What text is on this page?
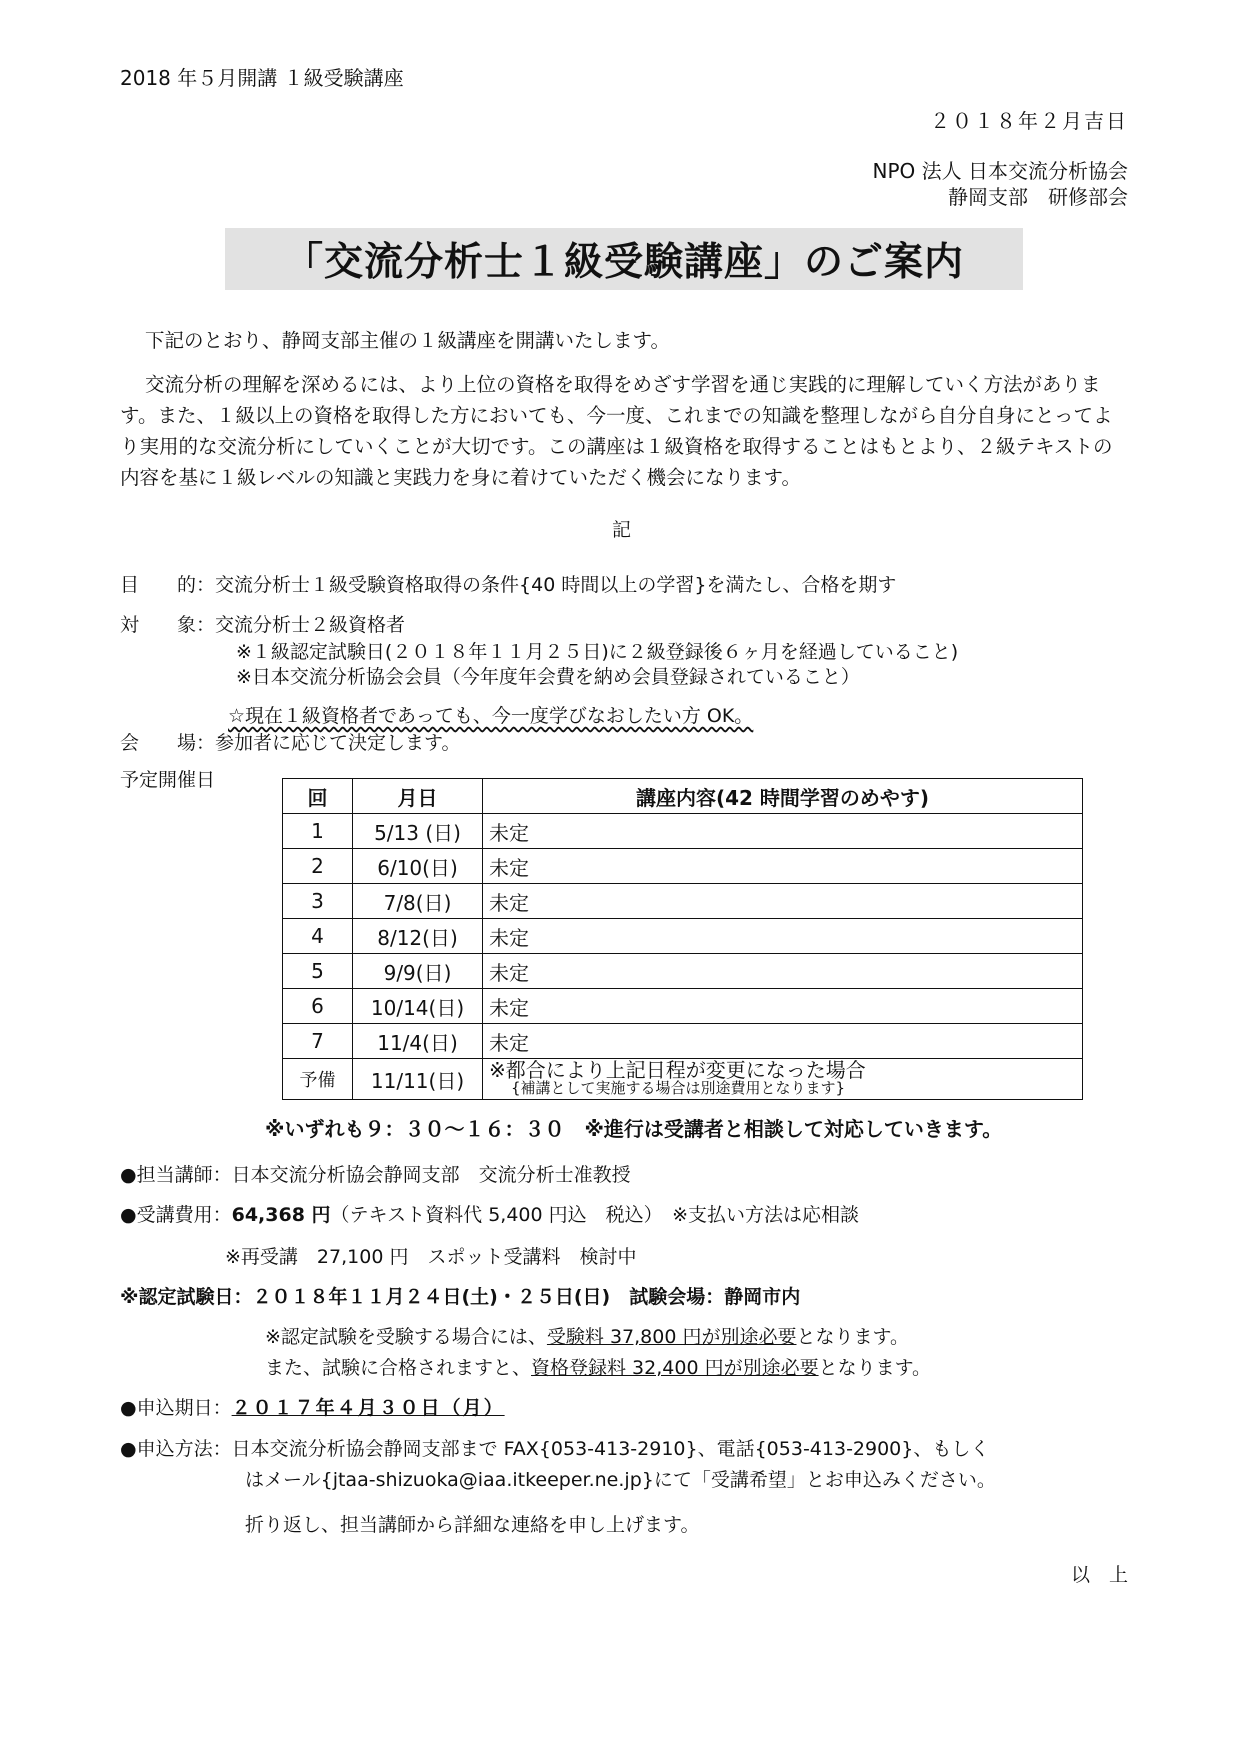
2018 年５月開講 １級受験講座
２０１８年２月吉日
NPO 法人 日本交流分析協会
静岡支部　研修部会
「交流分析士１級受験講座」のご案内
下記のとおり、静岡支部主催の１級講座を開講いたします。
交流分析の理解を深めるには、より上位の資格を取得をめざす学習を通じ実践的に理解していく方法があります。また、１級以上の資格を取得した方においても、今一度、これまでの知識を整理しながら自分自身にとってより実用的な交流分析にしていくことが大切です。この講座は１級資格を取得することはもとより、２級テキストの内容を基に１級レベルの知識と実践力を身に着けていただく機会になります。
記
目　　的：交流分析士１級受験資格取得の条件{40 時間以上の学習}を満たし、合格を期す
対　　象：交流分析士２級資格者
※１級認定試験日(２０１８年１１月２５日)に２級登録後６ヶ月を経過していること)
※日本交流分析協会会員（今年度年会費を納め会員登録されていること）
☆現在１級資格者であっても、今一度学びなおしたい方 OK。
会　　場：参加者に応じて決定します。
予定開催日
回	月日	講座内容(42 時間学習のめやす)
1	5/13 (日)	未定
2	6/10(日)	未定
3	7/8(日)	未定
4	8/12(日)	未定
5	9/9(日)	未定
6	10/14(日)	未定
7	11/4(日)	未定
予備	11/11(日)	※都合により上記日程が変更になった場合
{補講として実施する場合は別途費用となります}
※いずれも９：３０～１６：３０　※進行は受講者と相談して対応していきます。
●担当講師：日本交流分析協会静岡支部　交流分析士准教授
●受講費用：64,368 円（テキスト資料代 5,400 円込　税込）　※支払い方法は応相談
※再受講　27,100 円　スポット受講料　検討中
※認定試験日：２０１８年１１月２４日(土)・２５日(日)　試験会場：静岡市内
※認定試験を受験する場合には、受験料 37,800 円が別途必要となります。
また、試験に合格されますと、資格登録料 32,400 円が別途必要となります。
●申込期日：２０１７年４月３０日（月）
●申込方法：日本交流分析協会静岡支部まで FAX{053-413-2910}、電話{053-413-2900}、もしく
はメール{jtaa-shizuoka@iaa.itkeeper.ne.jp}にて「受講希望」とお申込みください。
折り返し、担当講師から詳細な連絡を申し上げます。
以　上
